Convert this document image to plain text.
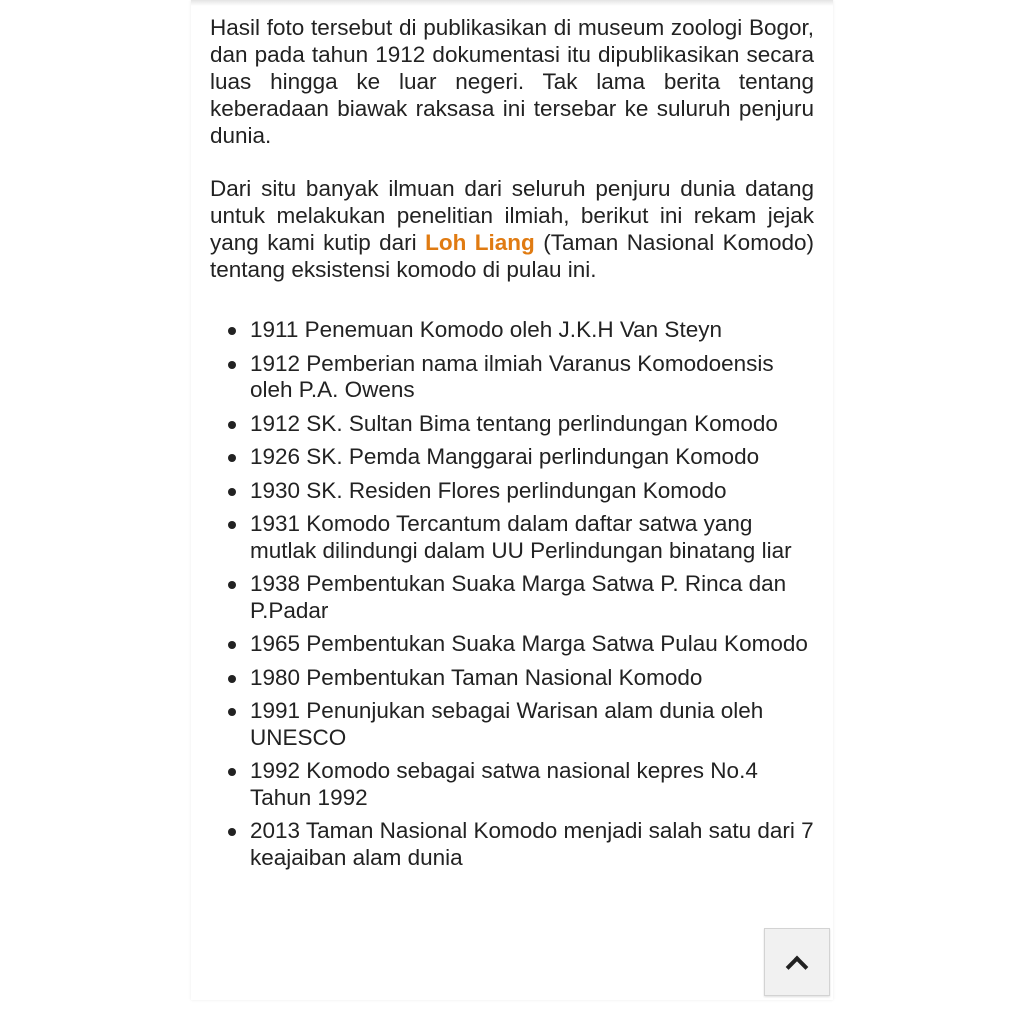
Hasil foto tersebut di publikasikan di museum zoologi Bogor, dan pada tahun 1912 dokumentasi itu dipublikasikan secara luas hingga ke luar negeri. Tak lama berita tentang keberadaan biawak raksasa ini tersebar ke suluruh penjuru dunia.

Dari situ banyak ilmuan dari seluruh penjuru dunia datang untuk melakukan penelitian ilmiah, berikut ini rekam jejak yang kami kutip dari Loh Liang (Taman Nasional Komodo) tentang eksistensi komodo di pulau ini.

1911 Penemuan Komodo oleh J.K.H Van Steyn
1912 Pemberian nama ilmiah Varanus Komodoensis oleh P.A. Owens
1912 SK. Sultan Bima tentang perlindungan Komodo
1926 SK. Pemda Manggarai perlindungan Komodo
1930 SK. Residen Flores perlindungan Komodo
1931 Komodo Tercantum dalam daftar satwa yang mutlak dilindungi dalam UU Perlindungan binatang liar
1938 Pembentukan Suaka Marga Satwa P. Rinca dan P.Padar
1965 Pembentukan Suaka Marga Satwa Pulau Komodo
1980 Pembentukan Taman Nasional Komodo
1991 Penunjukan sebagai Warisan alam dunia oleh UNESCO
1992 Komodo sebagai satwa nasional kepres No.4 Tahun 1992
2013 Taman Nasional Komodo menjadi salah satu dari 7 keajaiban alam dunia
